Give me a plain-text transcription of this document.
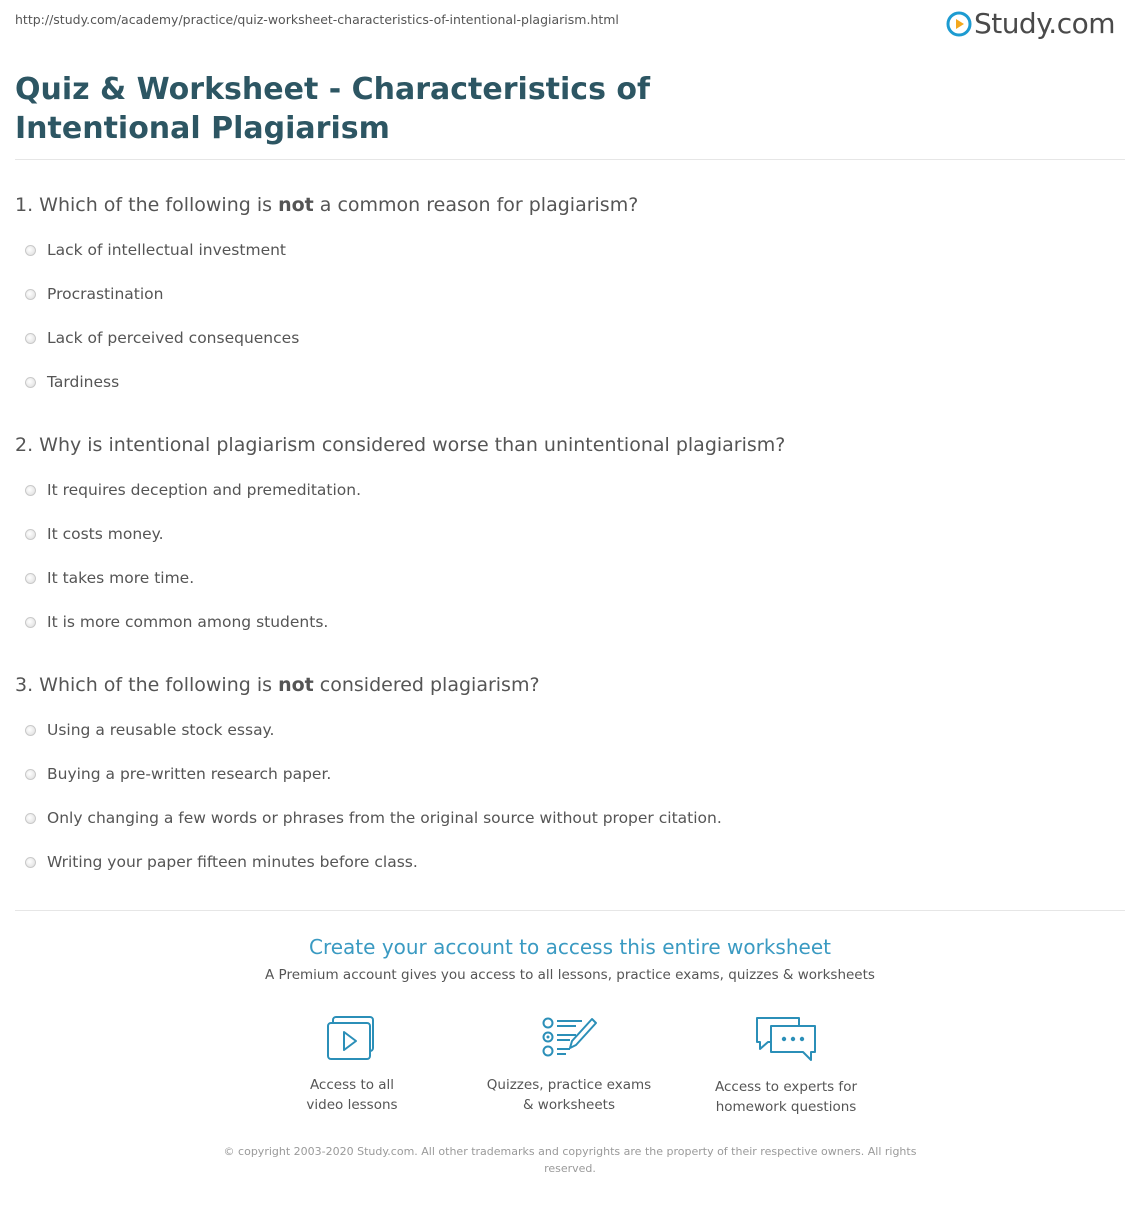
http://study.com/academy/practice/quiz-worksheet-characteristics-of-intentional-plagiarism.html	Study.com
Quiz & Worksheet - Characteristics of Intentional Plagiarism
1. Which of the following is not a common reason for plagiarism?
Lack of intellectual investment
Procrastination
Lack of perceived consequences
Tardiness
2. Why is intentional plagiarism considered worse than unintentional plagiarism?
It requires deception and premeditation.
It costs money.
It takes more time.
It is more common among students.
3. Which of the following is not considered plagiarism?
Using a reusable stock essay.
Buying a pre-written research paper.
Only changing a few words or phrases from the original source without proper citation.
Writing your paper fifteen minutes before class.
Create your account to access this entire worksheet

A Premium account gives you access to all lessons, practice exams, quizzes & worksheets

Access to all
video lessons
Quizzes, practice exams
& worksheets
Access to experts for
homework questions
© copyright 2003-2020 Study.com. All other trademarks and copyrights are the property of their respective owners. All rights
reserved.
